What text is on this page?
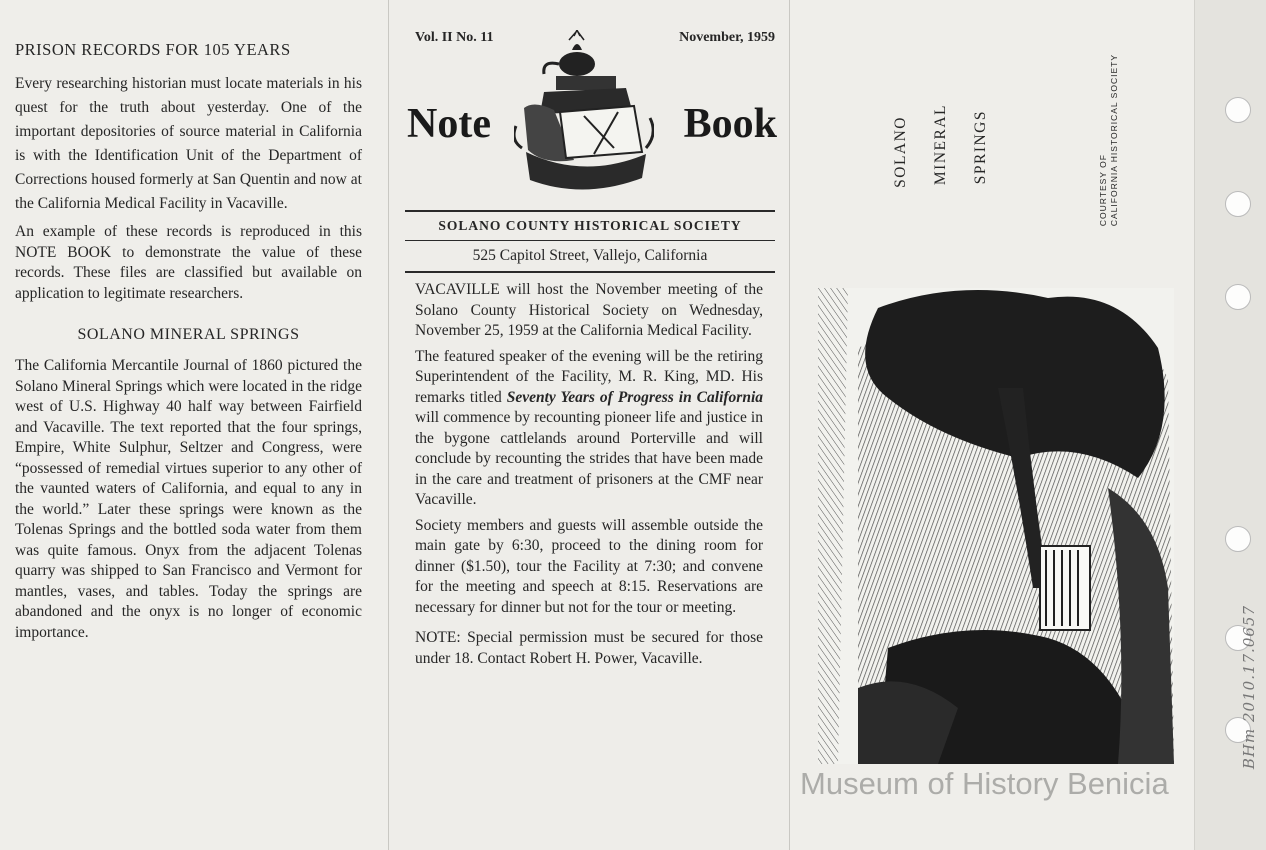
PRISON RECORDS FOR 105 YEARS

Every researching historian must locate materials in his quest for the truth about yesterday. One of the important depositories of source material in California is with the Identification Unit of the Department of Corrections housed formerly at San Quentin and now at the California Medical Facility in Vacaville.

An example of these records is reproduced in this NOTE BOOK to demonstrate the value of these records. These files are classified but available on application to legitimate researchers.

SOLANO MINERAL SPRINGS

The California Mercantile Journal of 1860 pictured the Solano Mineral Springs which were located in the ridge west of U.S. Highway 40 half way between Fairfield and Vacaville. The text reported that the four springs, Empire, White Sulphur, Seltzer and Congress, were “possessed of remedial virtues superior to any other of the vaunted waters of California, and equal to any in the world.” Later these springs were known as the Tolenas Springs and the bottled soda water from them was quite famous. Onyx from the adjacent Tolenas quarry was shipped to San Francisco and Vermont for mantles, vases, and tables. Today the springs are abandoned and the onyx is no longer of economic importance.

Vol. II No. 11	November, 1959
Note	Book
SOLANO COUNTY HISTORICAL SOCIETY
525 Capitol Street, Vallejo, California

VACAVILLE will host the November meeting of the Solano County Historical Society on Wednesday, November 25, 1959 at the California Medical Facility.

The featured speaker of the evening will be the retiring Superintendent of the Facility, M. R. King, MD. His remarks titled Seventy Years of Progress in California will commence by recounting pioneer life and justice in the bygone cattlelands around Porterville and will conclude by recounting the strides that have been made in the care and treatment of prisoners at the CMF near Vacaville.

Society members and guests will assemble outside the main gate by 6:30, proceed to the dining room for dinner ($1.50), tour the Facility at 7:30; and convene for the meeting and speech at 8:15. Reservations are necessary for dinner but not for the tour or meeting.

NOTE: Special permission must be secured for those under 18. Contact Robert H. Power, Vacaville.

SOLANO MINERAL SPRINGS
COURTESY OF
CALIFORNIA HISTORICAL SOCIETY
Museum of History Benicia
BHm 2010.17.0657
